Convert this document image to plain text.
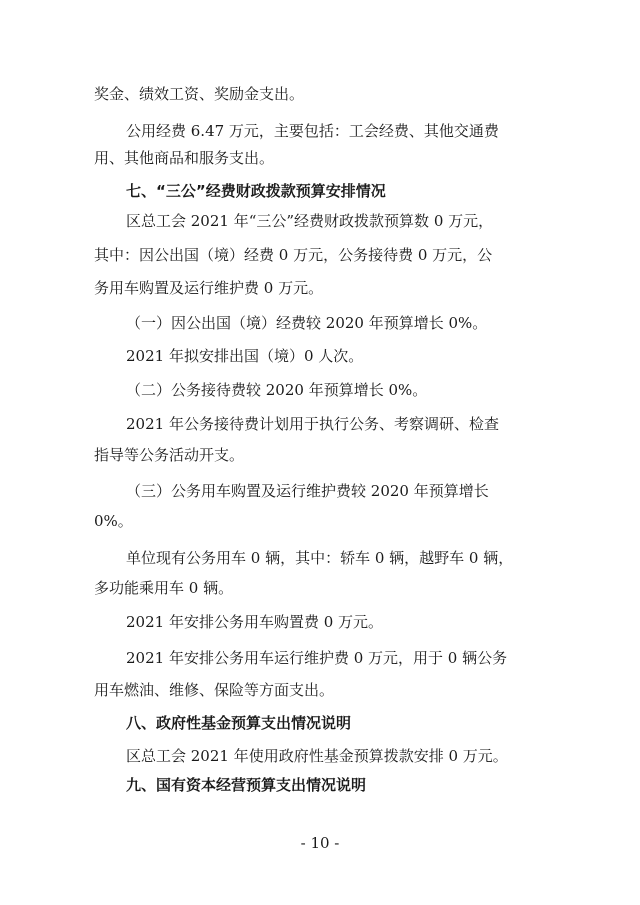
奖金、绩效工资、奖励金支出。
公用经费 6.47 万元，主要包括：工会经费、其他交通费
用、其他商品和服务支出。
七、“三公”经费财政拨款预算安排情况
区总工会 2021 年“三公”经费财政拨款预算数 0 万元，
其中：因公出国（境）经费 0 万元，公务接待费 0 万元，公
务用车购置及运行维护费 0 万元。
（一）因公出国（境）经费较 2020 年预算增长 0%。
2021 年拟安排出国（境）0 人次。
（二）公务接待费较 2020 年预算增长 0%。
2021 年公务接待费计划用于执行公务、考察调研、检查
指导等公务活动开支。
（三）公务用车购置及运行维护费较 2020 年预算增长
0%。
单位现有公务用车 0 辆，其中：轿车 0 辆，越野车 0 辆，
多功能乘用车 0 辆。
2021 年安排公务用车购置费 0 万元。
2021 年安排公务用车运行维护费 0 万元，用于 0 辆公务
用车燃油、维修、保险等方面支出。
八、政府性基金预算支出情况说明
区总工会 2021 年使用政府性基金预算拨款安排 0 万元。
九、国有资本经营预算支出情况说明
- 10 -
